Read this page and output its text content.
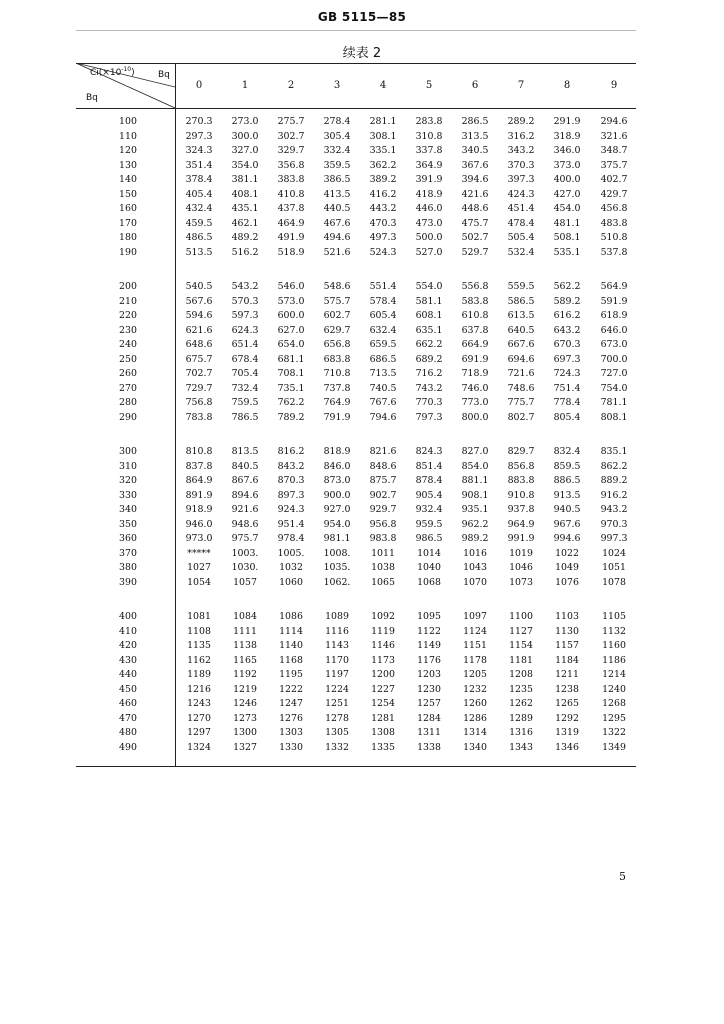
GB 5115—85
续表 2
$Ci(\times 10^{-10})$	Bq
Bq
0	1	2	3	4	5	6	7	8	9
100	270.3	273.0	275.7	278.4	281.1	283.8	286.5	289.2	291.9	294.6
110	297.3	300.0	302.7	305.4	308.1	310.8	313.5	316.2	318.9	321.6
120	324.3	327.0	329.7	332.4	335.1	337.8	340.5	343.2	346.0	348.7
130	351.4	354.0	356.8	359.5	362.2	364.9	367.6	370.3	373.0	375.7
140	378.4	381.1	383.8	386.5	389.2	391.9	394.6	397.3	400.0	402.7
150	405.4	408.1	410.8	413.5	416.2	418.9	421.6	424.3	427.0	429.7
160	432.4	435.1	437.8	440.5	443.2	446.0	448.6	451.4	454.0	456.8
170	459.5	462.1	464.9	467.6	470.3	473.0	475.7	478.4	481.1	483.8
180	486.5	489.2	491.9	494.6	497.3	500.0	502.7	505.4	508.1	510.8
190	513.5	516.2	518.9	521.6	524.3	527.0	529.7	532.4	535.1	537.8
200	540.5	543.2	546.0	548.6	551.4	554.0	556.8	559.5	562.2	564.9
210	567.6	570.3	573.0	575.7	578.4	581.1	583.8	586.5	589.2	591.9
220	594.6	597.3	600.0	602.7	605.4	608.1	610.8	613.5	616.2	618.9
230	621.6	624.3	627.0	629.7	632.4	635.1	637.8	640.5	643.2	646.0
240	648.6	651.4	654.0	656.8	659.5	662.2	664.9	667.6	670.3	673.0
250	675.7	678.4	681.1	683.8	686.5	689.2	691.9	694.6	697.3	700.0
260	702.7	705.4	708.1	710.8	713.5	716.2	718.9	721.6	724.3	727.0
270	729.7	732.4	735.1	737.8	740.5	743.2	746.0	748.6	751.4	754.0
280	756.8	759.5	762.2	764.9	767.6	770.3	773.0	775.7	778.4	781.1
290	783.8	786.5	789.2	791.9	794.6	797.3	800.0	802.7	805.4	808.1
300	810.8	813.5	816.2	818.9	821.6	824.3	827.0	829.7	832.4	835.1
310	837.8	840.5	843.2	846.0	848.6	851.4	854.0	856.8	859.5	862.2
320	864.9	867.6	870.3	873.0	875.7	878.4	881.1	883.8	886.5	889.2
330	891.9	894.6	897.3	900.0	902.7	905.4	908.1	910.8	913.5	916.2
340	918.9	921.6	924.3	927.0	929.7	932.4	935.1	937.8	940.5	943.2
350	946.0	948.6	951.4	954.0	956.8	959.5	962.2	964.9	967.6	970.3
360	973.0	975.7	978.4	981.1	983.8	986.5	989.2	991.9	994.6	997.3
370	*****	1003.	1005.	1008.	1011	1014	1016	1019	1022	1024
380	1027	1030.	1032	1035.	1038	1040	1043	1046	1049	1051
390	1054	1057	1060	1062.	1065	1068	1070	1073	1076	1078
400	1081	1084	1086	1089	1092	1095	1097	1100	1103	1105
410	1108	1111	1114	1116	1119	1122	1124	1127	1130	1132
420	1135	1138	1140	1143	1146	1149	1151	1154	1157	1160
430	1162	1165	1168	1170	1173	1176	1178	1181	1184	1186
440	1189	1192	1195	1197	1200	1203	1205	1208	1211	1214
450	1216	1219	1222	1224	1227	1230	1232	1235	1238	1240
460	1243	1246	1247	1251	1254	1257	1260	1262	1265	1268
470	1270	1273	1276	1278	1281	1284	1286	1289	1292	1295
480	1297	1300	1303	1305	1308	1311	1314	1316	1319	1322
490	1324	1327	1330	1332	1335	1338	1340	1343	1346	1349
5
